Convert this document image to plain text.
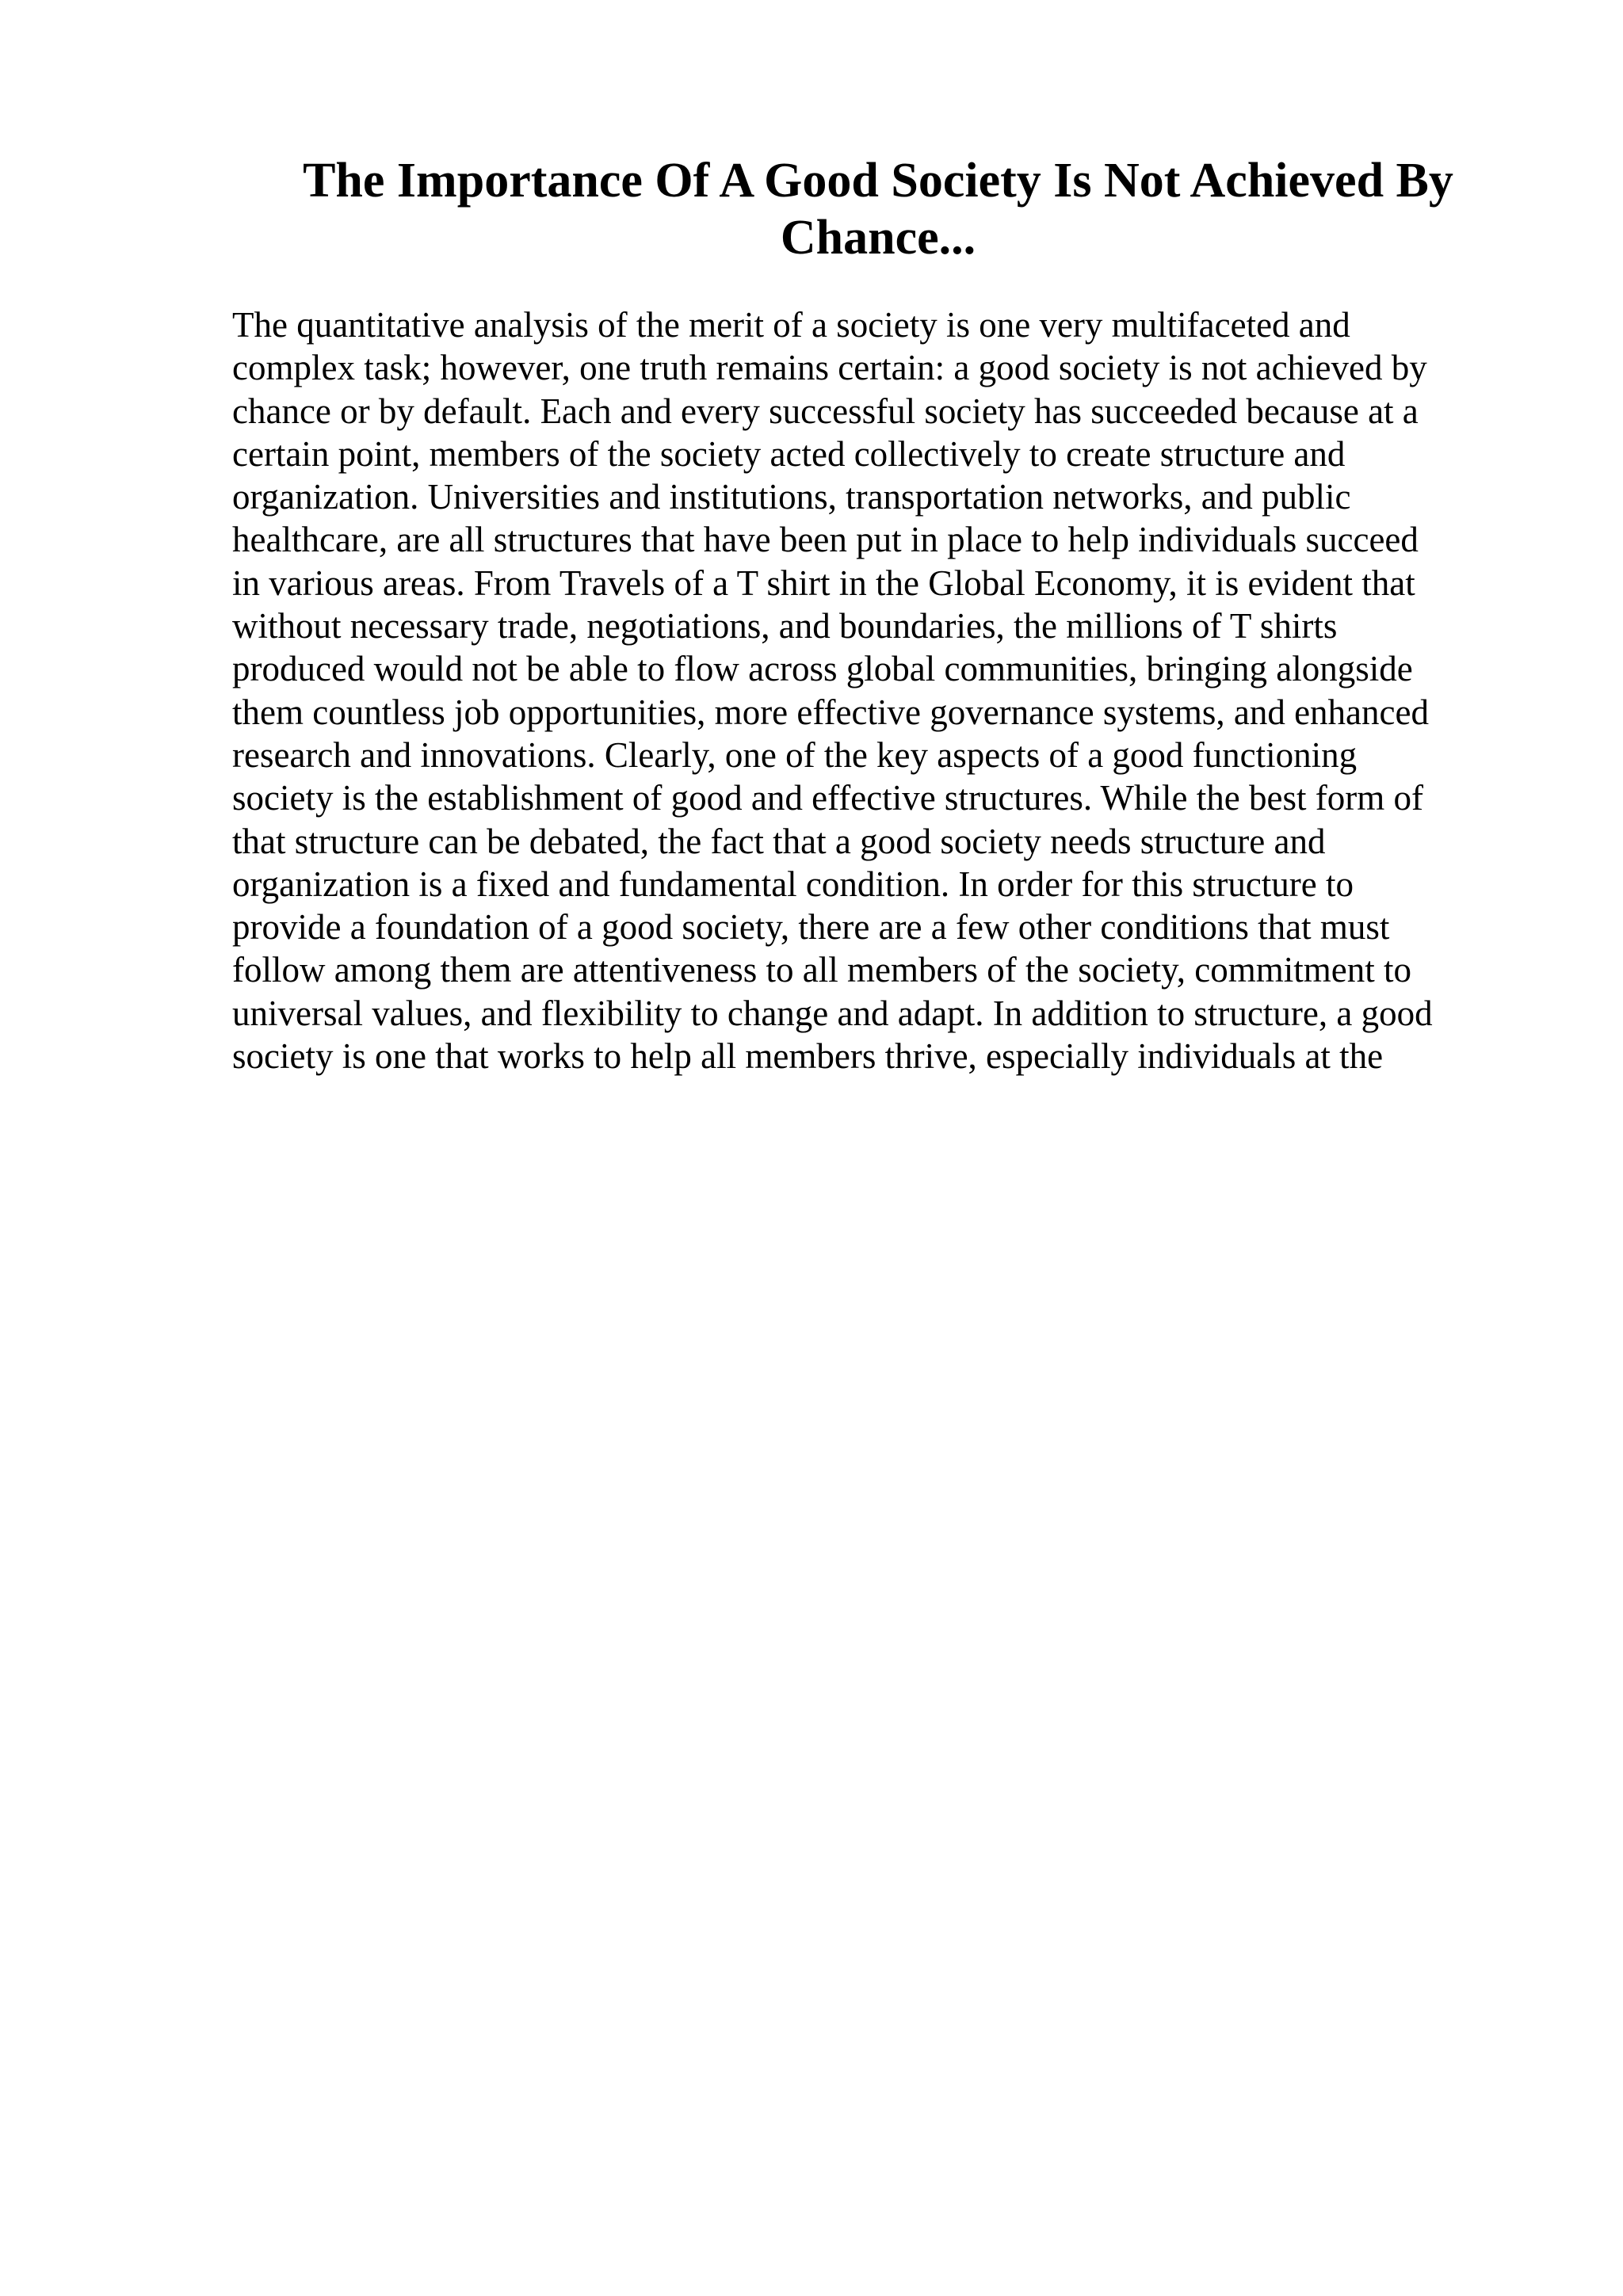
The Importance Of A Good Society Is Not Achieved By
Chance...
The quantitative analysis of the merit of a society is one very multifaceted and
complex task; however, one truth remains certain: a good society is not achieved by
chance or by default. Each and every successful society has succeeded because at a
certain point, members of the society acted collectively to create structure and
organization. Universities and institutions, transportation networks, and public
healthcare, are all structures that have been put in place to help individuals succeed
in various areas. From Travels of a T shirt in the Global Economy, it is evident that
without necessary trade, negotiations, and boundaries, the millions of T shirts
produced would not be able to flow across global communities, bringing alongside
them countless job opportunities, more effective governance systems, and enhanced
research and innovations. Clearly, one of the key aspects of a good functioning
society is the establishment of good and effective structures. While the best form of
that structure can be debated, the fact that a good society needs structure and
organization is a fixed and fundamental condition. In order for this structure to
provide a foundation of a good society, there are a few other conditions that must
follow among them are attentiveness to all members of the society, commitment to
universal values, and flexibility to change and adapt. In addition to structure, a good
society is one that works to help all members thrive, especially individuals at the
